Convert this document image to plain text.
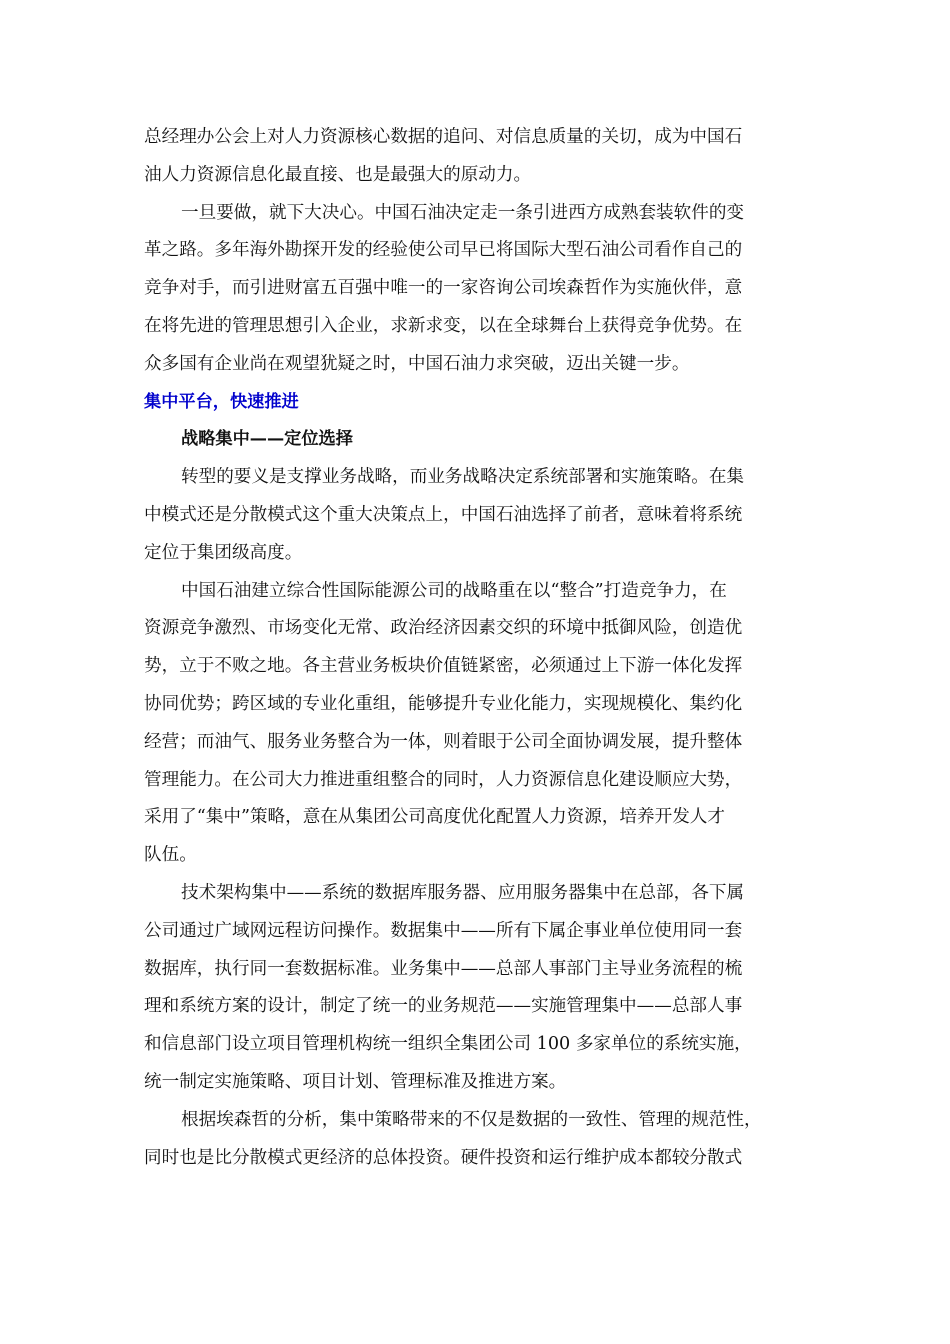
总经理办公会上对人力资源核心数据的追问、对信息质量的关切，成为中国石
油人力资源信息化最直接、也是最强大的原动力。
一旦要做，就下大决心。中国石油决定走一条引进西方成熟套装软件的变
革之路。多年海外勘探开发的经验使公司早已将国际大型石油公司看作自己的
竞争对手，而引进财富五百强中唯一的一家咨询公司埃森哲作为实施伙伴，意
在将先进的管理思想引入企业，求新求变，以在全球舞台上获得竞争优势。在
众多国有企业尚在观望犹疑之时，中国石油力求突破，迈出关键一步。
集中平台，快速推进
战略集中——定位选择
转型的要义是支撑业务战略，而业务战略决定系统部署和实施策略。在集
中模式还是分散模式这个重大决策点上，中国石油选择了前者，意味着将系统
定位于集团级高度。
中国石油建立综合性国际能源公司的战略重在以“整合”打造竞争力，在
资源竞争激烈、市场变化无常、政治经济因素交织的环境中抵御风险，创造优
势，立于不败之地。各主营业务板块价值链紧密，必须通过上下游一体化发挥
协同优势；跨区域的专业化重组，能够提升专业化能力，实现规模化、集约化
经营；而油气、服务业务整合为一体，则着眼于公司全面协调发展，提升整体
管理能力。在公司大力推进重组整合的同时，人力资源信息化建设顺应大势，
采用了“集中”策略，意在从集团公司高度优化配置人力资源，培养开发人才
队伍。
技术架构集中——系统的数据库服务器、应用服务器集中在总部，各下属
公司通过广域网远程访问操作。数据集中——所有下属企事业单位使用同一套
数据库，执行同一套数据标准。业务集中——总部人事部门主导业务流程的梳
理和系统方案的设计，制定了统一的业务规范——实施管理集中——总部人事
和信息部门设立项目管理机构统一组织全集团公司 100 多家单位的系统实施，
统一制定实施策略、项目计划、管理标准及推进方案。
根据埃森哲的分析，集中策略带来的不仅是数据的一致性、管理的规范性，
同时也是比分散模式更经济的总体投资。硬件投资和运行维护成本都较分散式
